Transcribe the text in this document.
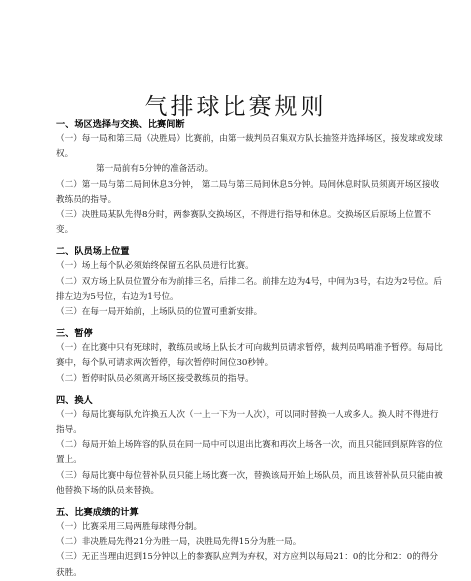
气排球比赛规则

一、场区选择与交换、比赛间断

（一）每一局和第三局（决胜局）比赛前，由第一裁判员召集双方队长抽签并选择场区，接发球或发球权。

第一局前有5分钟的准备活动。

（二）第一局与第二局间休息3分钟， 第二局与第三局间休息5分钟。局间休息时队员须离开场区接收教练员的指导。

（三）决胜局某队先得8分时，两参赛队交换场区，不得进行指导和休息。交换场区后原场上位置不变。

二、队员场上位置

（一）场上每个队必须始终保留五名队员进行比赛。

（二）双方场上队员位置分布为前排三名，后排二名。前排左边为4号，中间为3号，右边为2号位。后排左边为5号位，右边为1号位。

（三）在每一局开始前，上场队员的位置可重新安排。

三、暂停

（一）在比赛中只有死球时，教练员或场上队长才可向裁判员请求暂停，裁判员鸣哨准予暂停。每局比赛中，每个队可请求两次暂停，每次暂停时间位30秒钟。

（二）暂停时队员必须离开场区接受教练员的指导。

四、换人

（一）每局比赛每队允许换五人次（一上一下为一人次），可以同时替换一人或多人。换人时不得进行指导。

（二）每局开始上场阵容的队员在同一局中可以退出比赛和再次上场各一次，而且只能回到原阵容的位置上。

（三）每局比赛中每位替补队员只能上场比赛一次，替换该局开始上场队员，而且该替补队员只能由被他替换下场的队员来替换。

五、比赛成绩的计算

（一）比赛采用三局两胜每球得分制。

（二）非决胜局先得21分为胜一局，决胜局先得15分为胜一局。

（三）无正当理由迟到15分钟以上的参赛队应判为弃权，对方应判以每局21：0的比分和2：0的得分获胜。
